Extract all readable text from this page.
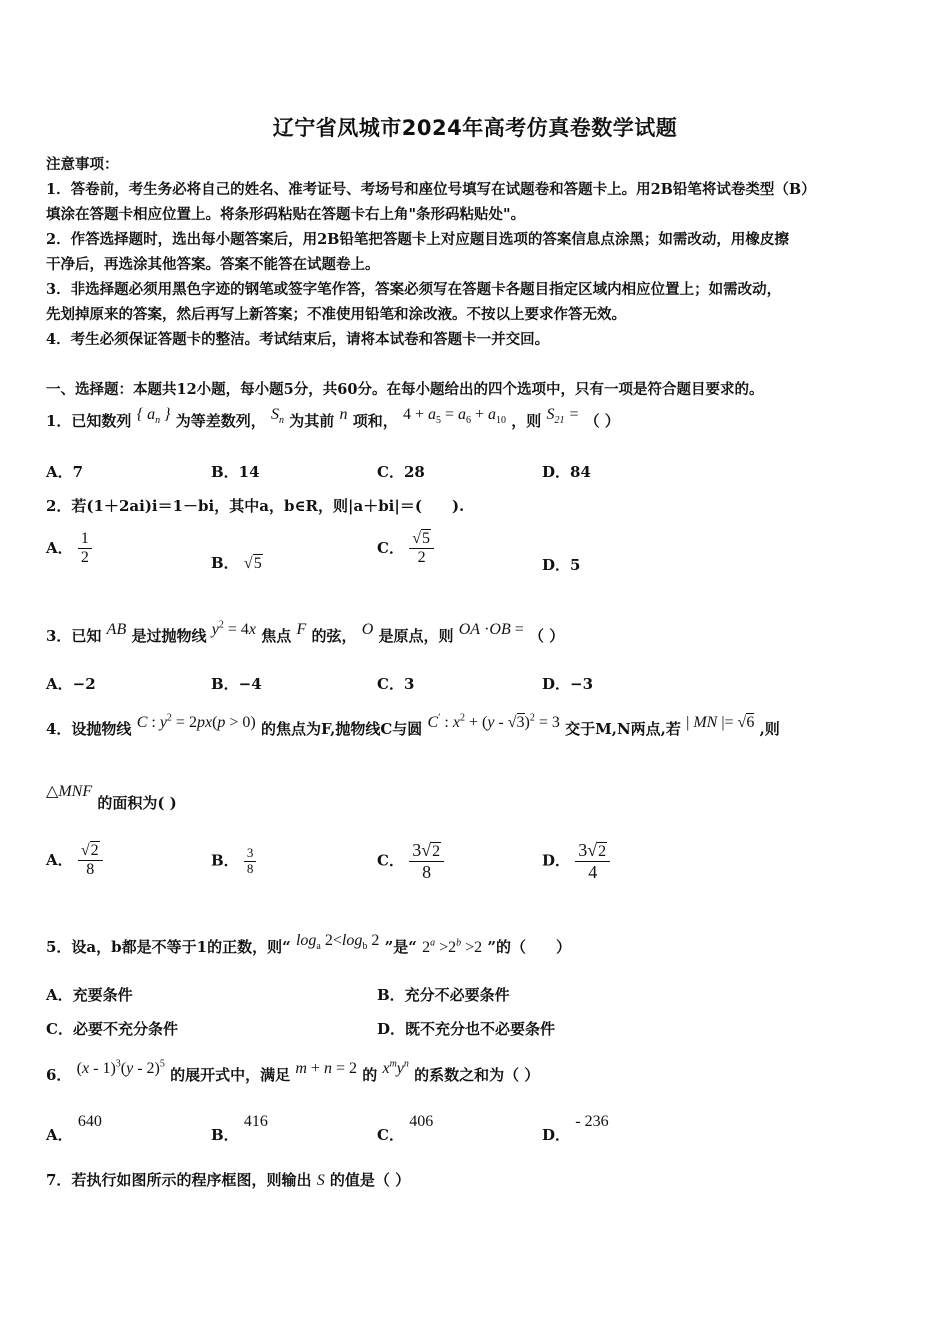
辽宁省凤城市2024年高考仿真卷数学试题
注意事项：
1．答卷前，考生务必将自己的姓名、准考证号、考场号和座位号填写在试题卷和答题卡上。用2B铅笔将试卷类型（B）
填涂在答题卡相应位置上。将条形码粘贴在答题卡右上角"条形码粘贴处"。
2．作答选择题时，选出每小题答案后，用2B铅笔把答题卡上对应题目选项的答案信息点涂黑；如需改动，用橡皮擦
干净后，再选涂其他答案。答案不能答在试题卷上。
3．非选择题必须用黑色字迹的钢笔或签字笔作答，答案必须写在答题卡各题目指定区域内相应位置上；如需改动，
先划掉原来的答案，然后再写上新答案；不准使用铅笔和涂改液。不按以上要求作答无效。
4．考生必须保证答题卡的整洁。考试结束后，请将本试卷和答题卡一并交回。
一、选择题：本题共12小题，每小题5分，共60分。在每小题给出的四个选项中，只有一项是符合题目要求的。
1．已知数列 { $a_n$ } 为等差数列， $S_n$ 为其前 n 项和， $4 + a_5 = a_6 + a_{10}$ ，则 $S_{21}$ = （ ）
A．7	B．14	C．28	D．84
2．若(1＋2ai)i＝1－bi，其中a，b∈R，则|a＋bi|＝(　　).
A． $\frac{1}{2}$	B． √5
C． $\frac{√5}{2}$	D．5
3．已知 AB 是过抛物线 $y^2 = 4x$ 焦点 F 的弦， O 是原点，则 OA ·OB = （ ）
A．−2	B．−4	C．3	D．−3
4．设抛物线 C : $y^2 = 2px(p > 0)$ 的焦点为F,抛物线C与圆 C′ : $x^2 + (y - √3)^2 = 3$ 交于M,N两点,若 | MN |= √6 ,则
△MNF 的面积为( )
A． $\frac{√2}{8}$	B． $\frac{3}{8}$	C． $\frac{3√2}{8}$	D． $\frac{3√2}{4}$
5．设a，b都是不等于1的正数，则“ $\log_a 2<\log_b$ 2 ”是“ $2^a >2^b >2$ ”的（　　）
A．充要条件	B．充分不必要条件
C．必要不充分条件	D．既不充分也不必要条件
6． (x - 1)$^3$(y - 2)$^5$ 的展开式中，满足 m + n = 2 的 $x^my^n$ 的系数之和为（ ）
A． 640
B． 416
C． 406
D． - 236
7．若执行如图所示的程序框图，则输出 S 的值是（ ）
